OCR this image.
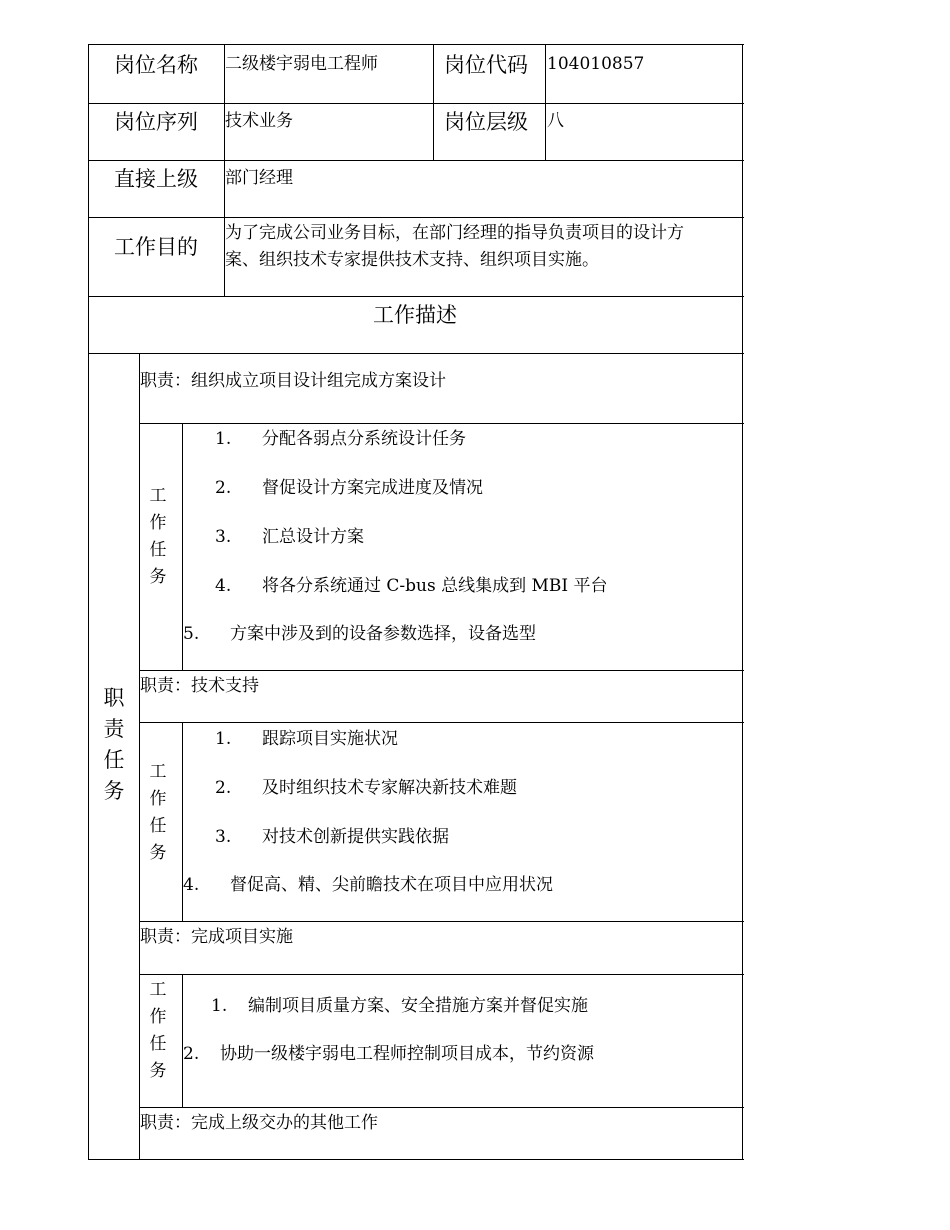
岗位名称 二级楼宇弱电工程师	岗位代码 104010857
岗位序列 技术业务	岗位层级 八
直接上级 部门经理
工作目的
为了完成公司业务目标，在部门经理的指导负责项目的设计方
案、组织技术专家提供技术支持、组织项目实施。
工作描述
职
责
任
务
职责：组织成立项目设计组完成方案设计
工
作
任
务
1. 分配各弱点分系统设计任务
2. 督促设计方案完成进度及情况
3. 汇总设计方案
4. 将各分系统通过 C-bus 总线集成到 MBI 平台
5. 方案中涉及到的设备参数选择，设备选型
职责：技术支持
工
作
任
务
1. 跟踪项目实施状况
2. 及时组织技术专家解决新技术难题
3. 对技术创新提供实践依据
4. 督促高、精、尖前瞻技术在项目中应用状况
职责：完成项目实施
工
作
任
务
1. 编制项目质量方案、安全措施方案并督促实施
2. 协助一级楼宇弱电工程师控制项目成本，节约资源
职责：完成上级交办的其他工作
